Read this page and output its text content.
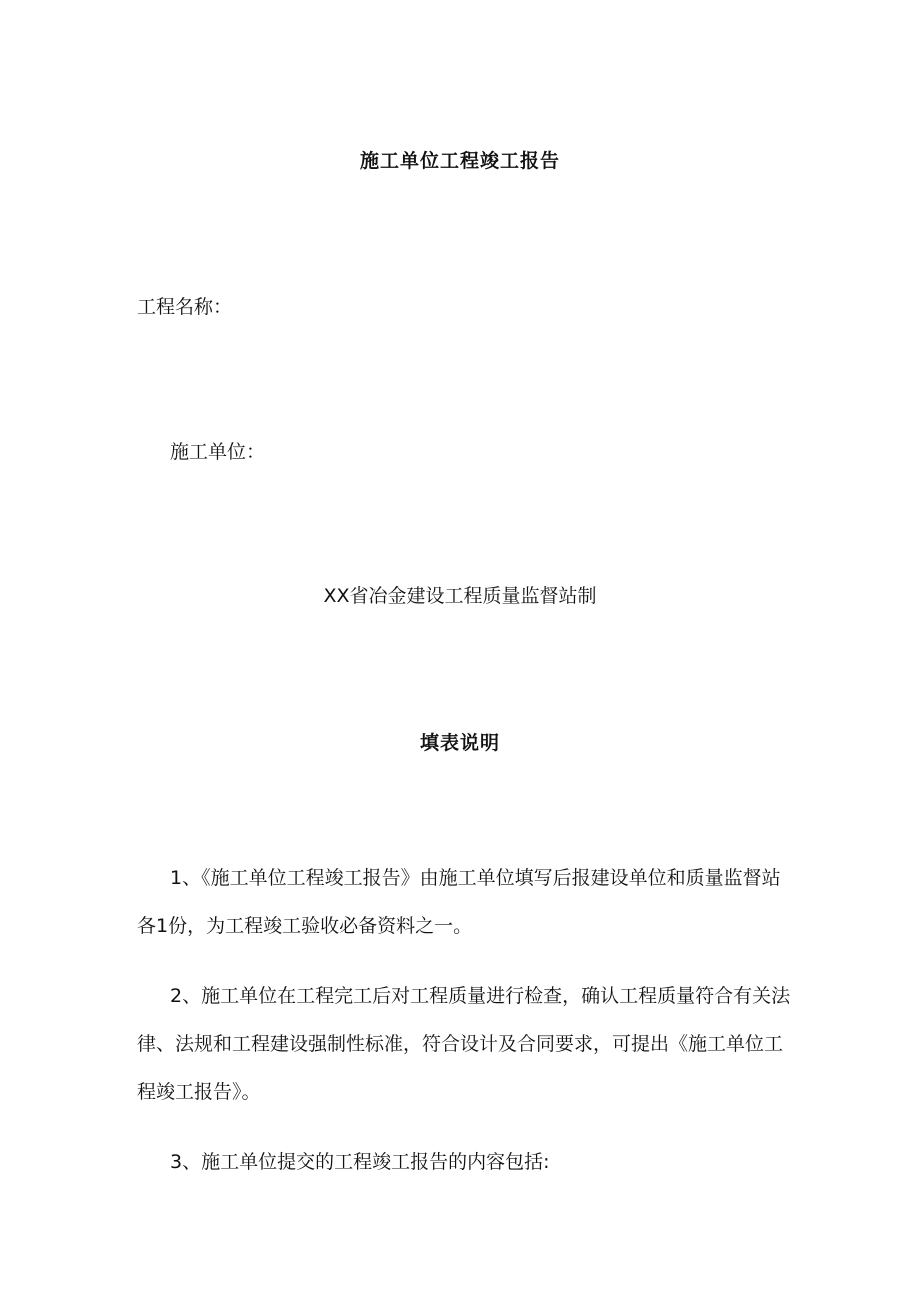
施工单位工程竣工报告
工程名称：
施工单位：
XX省冶金建设工程质量监督站制
填表说明

1、《施工单位工程竣工报告》由施工单位填写后报建设单位和质量监督站各1份，为工程竣工验收必备资料之一。

2、施工单位在工程完工后对工程质量进行检查，确认工程质量符合有关法律、法规和工程建设强制性标准，符合设计及合同要求，可提出《施工单位工程竣工报告》。

3、施工单位提交的工程竣工报告的内容包括:
